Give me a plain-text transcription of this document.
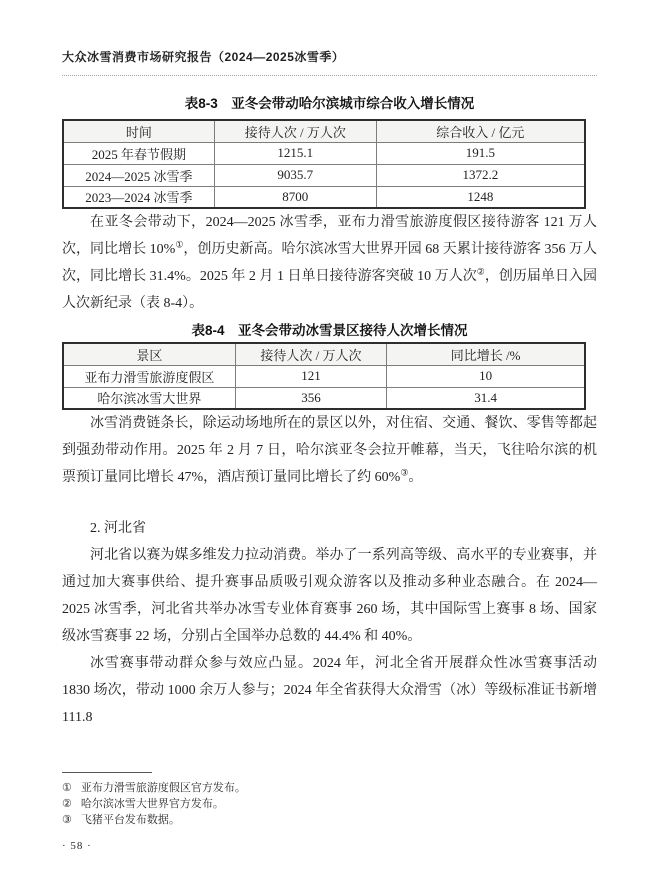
大众冰雪消费市场研究报告（2024—2025冰雪季）
表8-3　亚冬会带动哈尔滨城市综合收入增长情况
时间	接待人次 / 万人次	综合收入 / 亿元
2025 年春节假期	1215.1	191.5
2024—2025 冰雪季	9035.7	1372.2
2023—2024 冰雪季	8700	1248

在亚冬会带动下，2024—2025 冰雪季，亚布力滑雪旅游度假区接待游客 121 万人次，同比增长 10%①，创历史新高。哈尔滨冰雪大世界开园 68 天累计接待游客 356 万人次，同比增长 31.4%。2025 年 2 月 1 日单日接待游客突破 10 万人次②，创历届单日入园人次新纪录（表 8-4）。

表8-4　亚冬会带动冰雪景区接待人次增长情况
景区	接待人次 / 万人次	同比增长 /%
亚布力滑雪旅游度假区	121	10
哈尔滨冰雪大世界	356	31.4

冰雪消费链条长，除运动场地所在的景区以外，对住宿、交通、餐饮、零售等都起到强劲带动作用。2025 年 2 月 7 日，哈尔滨亚冬会拉开帷幕，当天，飞往哈尔滨的机票预订量同比增长 47%，酒店预订量同比增长了约 60%③。

2. 河北省

河北省以赛为媒多维发力拉动消费。举办了一系列高等级、高水平的专业赛事，并通过加大赛事供给、提升赛事品质吸引观众游客以及推动多种业态融合。在 2024—2025 冰雪季，河北省共举办冰雪专业体育赛事 260 场，其中国际雪上赛事 8 场、国家级冰雪赛事 22 场，分别占全国举办总数的 44.4% 和 40%。

冰雪赛事带动群众参与效应凸显。2024 年，河北全省开展群众性冰雪赛事活动 1830 场次，带动 1000 余万人参与；2024 年全省获得大众滑雪（冰）等级标准证书新增 111.8

① 亚布力滑雪旅游度假区官方发布。

② 哈尔滨冰雪大世界官方发布。

③ 飞猪平台发布数据。

· 58 ·
